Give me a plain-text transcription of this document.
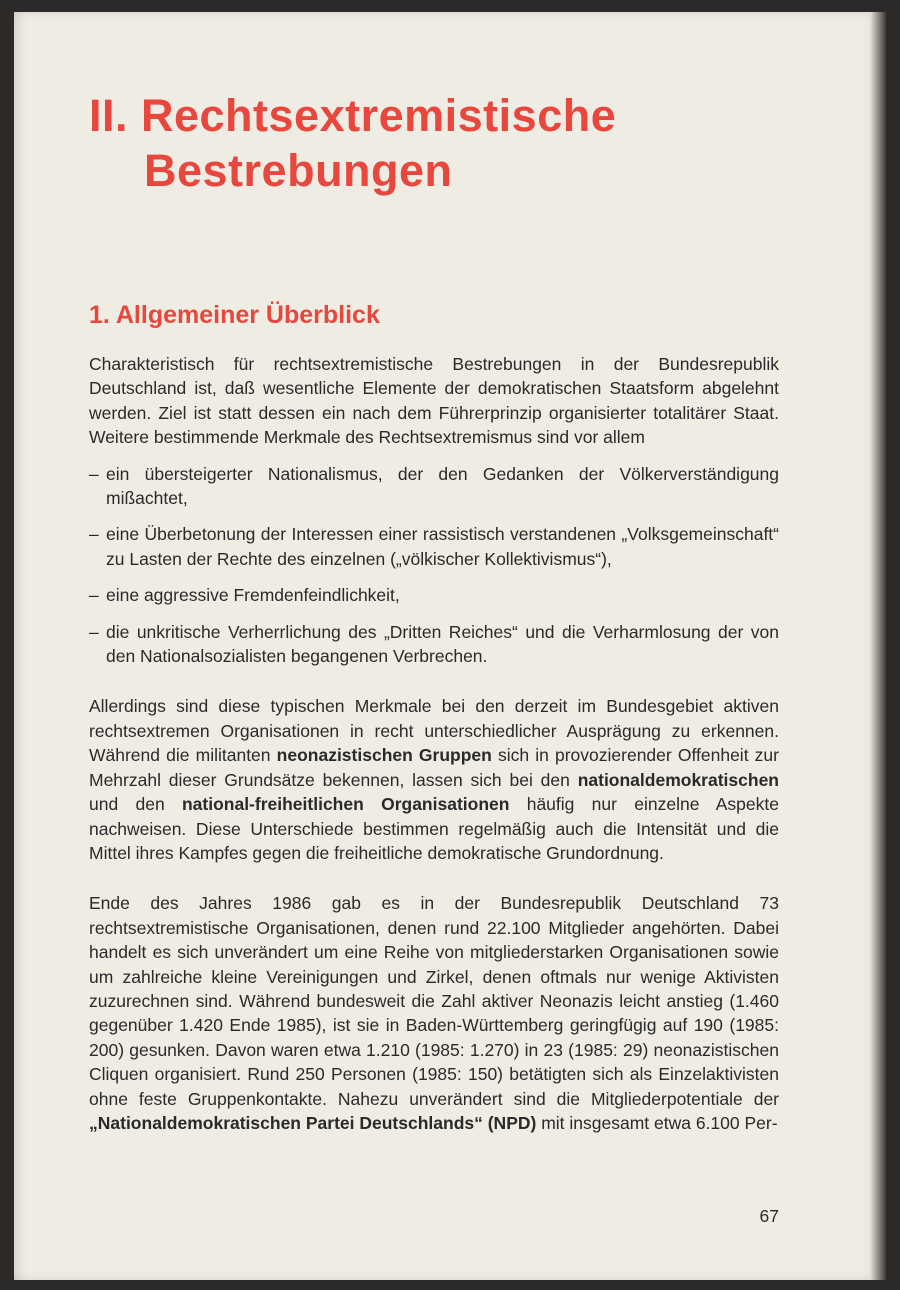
II. Rechtsextremistische
Bestrebungen
1. Allgemeiner Überblick

Charakteristisch für rechtsextremistische Bestrebungen in der Bundesrepublik Deutschland ist, daß wesentliche Elemente der demokratischen Staatsform abgelehnt werden. Ziel ist statt dessen ein nach dem Führerprinzip organisierter totalitärer Staat. Weitere bestimmende Merkmale des Rechtsextremismus sind vor allem

– ein übersteigerter Nationalismus, der den Gedanken der Völkerverständigung mißachtet,
– eine Überbetonung der Interessen einer rassistisch verstandenen „Volksgemeinschaft“ zu Lasten der Rechte des einzelnen („völkischer Kollektivismus“),
– eine aggressive Fremdenfeindlichkeit,
– die unkritische Verherrlichung des „Dritten Reiches“ und die Verharmlosung der von den Nationalsozialisten begangenen Verbrechen.

Allerdings sind diese typischen Merkmale bei den derzeit im Bundesgebiet aktiven rechtsextremen Organisationen in recht unterschiedlicher Ausprägung zu erkennen. Während die militanten neonazistischen Gruppen sich in provozierender Offenheit zur Mehrzahl dieser Grundsätze bekennen, lassen sich bei den nationaldemokratischen und den national-freiheitlichen Organisationen häufig nur einzelne Aspekte nachweisen. Diese Unterschiede bestimmen regelmäßig auch die Intensität und die Mittel ihres Kampfes gegen die freiheitliche demokratische Grundordnung.

Ende des Jahres 1986 gab es in der Bundesrepublik Deutschland 73 rechtsextremistische Organisationen, denen rund 22.100 Mitglieder angehörten. Dabei handelt es sich unverändert um eine Reihe von mitgliederstarken Organisationen sowie um zahlreiche kleine Vereinigungen und Zirkel, denen oftmals nur wenige Aktivisten zuzurechnen sind. Während bundesweit die Zahl aktiver Neonazis leicht anstieg (1.460 gegenüber 1.420 Ende 1985), ist sie in Baden-Württemberg geringfügig auf 190 (1985: 200) gesunken. Davon waren etwa 1.210 (1985: 1.270) in 23 (1985: 29) neonazistischen Cliquen organisiert. Rund 250 Personen (1985: 150) betätigten sich als Einzelaktivisten ohne feste Gruppenkontakte. Nahezu unverändert sind die Mitgliederpotentiale der „Nationaldemokratischen Partei Deutschlands“ (NPD) mit insgesamt etwa 6.100 Per-

67
